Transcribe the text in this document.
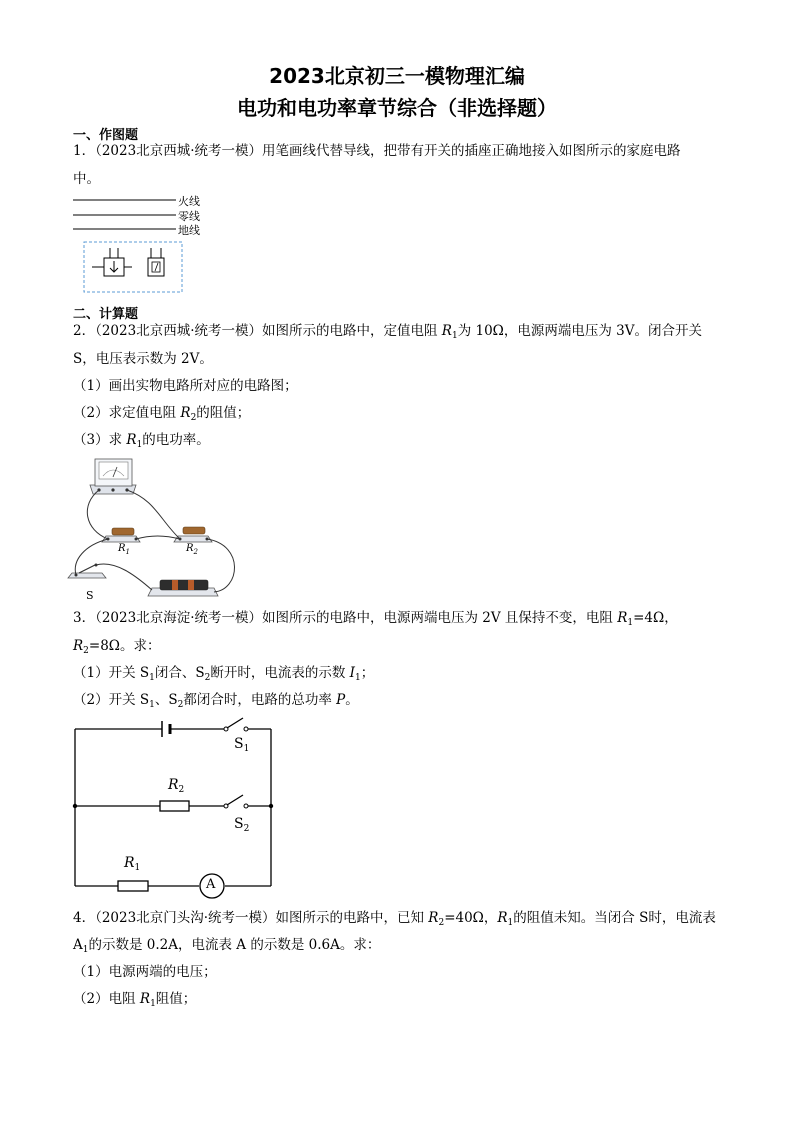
2023北京初三一模物理汇编
电功和电功率章节综合（非选择题）
一、作图题
1．（2023北京西城·统考一模）用笔画线代替导线，把带有开关的插座正确地接入如图所示的家庭电路
中。
火线
零线
地线
二、计算题
2．（2023北京西城·统考一模）如图所示的电路中，定值电阻 $R_1$为 10Ω，电源两端电压为 3V。闭合开关
S，电压表示数为 2V。
（1）画出实物电路所对应的电路图；
（2）求定值电阻 $R_2$的阻值；
（3）求 $R_1$的电功率。
$R_1$	$R_2$
S
3．（2023北京海淀·统考一模）如图所示的电路中，电源两端电压为 2V 且保持不变，电阻 $R_1=4\Omega$，
$R_2=8\Omega$。求：
（1）开关 $S_1$闭合、$S_2$断开时，电流表的示数 $I_1$；
（2）开关 $S_1$、$S_2$都闭合时，电路的总功率 P。
$S_1$
$R_2$
$S_2$
$R_1$
A
4．（2023北京门头沟·统考一模）如图所示的电路中，已知 $R_2=40\Omega$，$R_1$的阻值未知。当闭合 S时，电流表
$A_1$的示数是 0.2A，电流表 A 的示数是 0.6A。求：
（1）电源两端的电压；
（2）电阻 $R_1$阻值；
